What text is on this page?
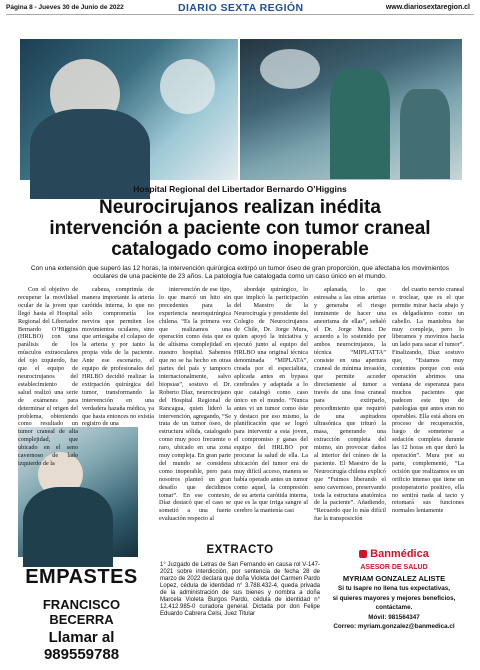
Página 8 - Jueves 30 de Junio de 2022	DIARIO SEXTA REGIÓN	www.diariosextaregion.cl
Hospital Regional del Libertador Bernardo O’Higgins
Neurocirujanos realizan inédita intervención a paciente con tumor craneal catalogado como inoperable
Con una extensión que superó las 12 horas, la intervención quirúrgica extirpó un tumor óseo de gran proporción, que afectaba los movimientos oculares de una paciente de 23 años. La patología fue catalogada como un caso único en el mundo.

Con el objetivo de recuperar la movilidad ocular de la joven que llegó hasta el Hospital Regional del Libertador Bernardo O’Higgins (HRLBO) con una parálisis de los músculos extraoculares del ojo izquierdo, fue que el equipo de neurocirujanos del establecimiento de salud realizó una serie de exámenes para determinar el origen del problema, obteniendo como resultado un tumor craneal de alta complejidad, que ubicado en el seno cavernoso de lado izquierdo de la

cabeza, comprimía de manera importante la arteria carótida interna, lo que no sólo comprometía los nervios que permiten los movimientos oculares, sino que arriesgaba el colapso de la arteria y por tanto la propia vida de la paciente. Ante ese escenario, el equipo de profesionales del HRLBO decidió realizar la extirpación quirúrgica del tumor, transformando la intervención en una verdadera hazaña médica, ya que hasta entonces no existía registro de una

intervención de ese tipo, lo que marcó un hito sin precedentes para la experiencia neuroquirúrgica chilena. “Es la primera vez que realizamos una operación como ésta que es de altísima complejidad en nuestro hospital. Sabemos que no se ha hecho en otras partes del país y tampoco internacionalmente, salvo biopsias”, sostuvo el Dr. Roberto Díaz, neurocirujano del Hospital Regional de Rancagua, quien lideró la intervención, agregando, “Se trata de un tumor óseo, de estructura sólida, catalogado como muy poco frecuente o raro, ubicado en una zona muy compleja. En gran parte del mundo se considera como inoperable, pero para nosotros planteó un gran desafío que decidimos tomar”. En ese contexto, Díaz destacó que el caso se sometió a una fuerte evaluación respecto al

abordaje quirúrgico, lo que implicó la participación del Maestro de la Neurocirugía y presidente del Colegio de Neurocirujanos de Chile, Dr. Jorge Mura, quien apoyó la iniciativa y ejecutó junto al equipo del HRLBO una original técnica denominada “MIPLATA”, creada por el especialista, aplicada antes en bypass cerebrales y adaptada a lo que catalogó como caso único en el mundo. “Nunca antes vi un tumor como éste y destaco por eso mismo, la planificación que se logró para intervenir a esta joven, el compromiso y ganas del equipo del HRLBO por procurar la salud de ella. La ubicación del tumor era de muy difícil acceso, manera se había operado antes un tumor como aquel, la compresión de su arteria carótida interna, que es la que irriga sangre al cerebro la mantenía casi

aplanada, lo que estresaba a las otras arterias y generaba el riesgo inminente de hacer una aneurisma de ellas”, señaló el Dr. Jorge Mura. De acuerdo a lo sostenido por ambos neurocirujanos, la técnica “MIPLATTA” consiste en una apertura craneal de mínima invasión, que permite acceder directamente al tumor a través de una fosa craneal para extirparlo, procedimiento que requirió de una aspiradora ultrasónica que trituró la masa, generando una extracción completa del mismo, sin provocar daños al interior del cráneo de la paciente. El Maestro de la Neurocirugía chilena explicó que “Fuimos liberando el seno cavernoso, preservando toda la estructura anatómica de la paciente”. Añadiendo, “Recuerdo que lo más difícil fue la transposición

del cuarto nervio craneal o troclear, que es el que permite mirar hacia abajo y es delgadísimo como un cabello. La maniobra fue muy compleja, pero lo liberamos y movimos hacia un lado para sacar el tumor”. Finalizando, Díaz sostuvo que, “Estamos muy contentos porque con esta operación abrimos una ventana de esperanza para muchos pacientes que padecen este tipo de patologías que antes eran no operables. Ella está ahora en proceso de recuperación, luego de someterse a sedación completa durante las 12 horas en que duró la operación”. Mura por su parte, complementó, “La ocisión que realizamos es un orificio intenso que tiene un postoperatorio positivo, ella no sentirá nada al tacto y retomará sus funciones normales lentamente

EMPASTES
FRANCISCO BECERRA
Llamar al 989559788
EXTRACTO
1° Juzgado de Letras de San Fernando en causa rol V-147-2021 sobre interdicción, por sentencia de fecha 28 de marzo de 2022 declara que doña Violeta del Carmen Pardo Lopez, cédula de identidad n° 3.788.432-4, queda privada de la administración de sus bienes y nombra a doña Marcela Violeta Burgos Pardo, cédula de identidad n° 12.412.985-0 curadora general. Dictada por don Felipe Eduardo Cabrera Celsi, Juez Titular
Banmédica
ASESOR DE SALUD
MYRIAM GONZALEZ ALISTE
Si tu Isapre no llena tus expectativas,
si quieres mayores y mejores beneficios,
contáctame.
Móvil: 981564347
Correo: myriam.gonzalez@banmedica.cl
